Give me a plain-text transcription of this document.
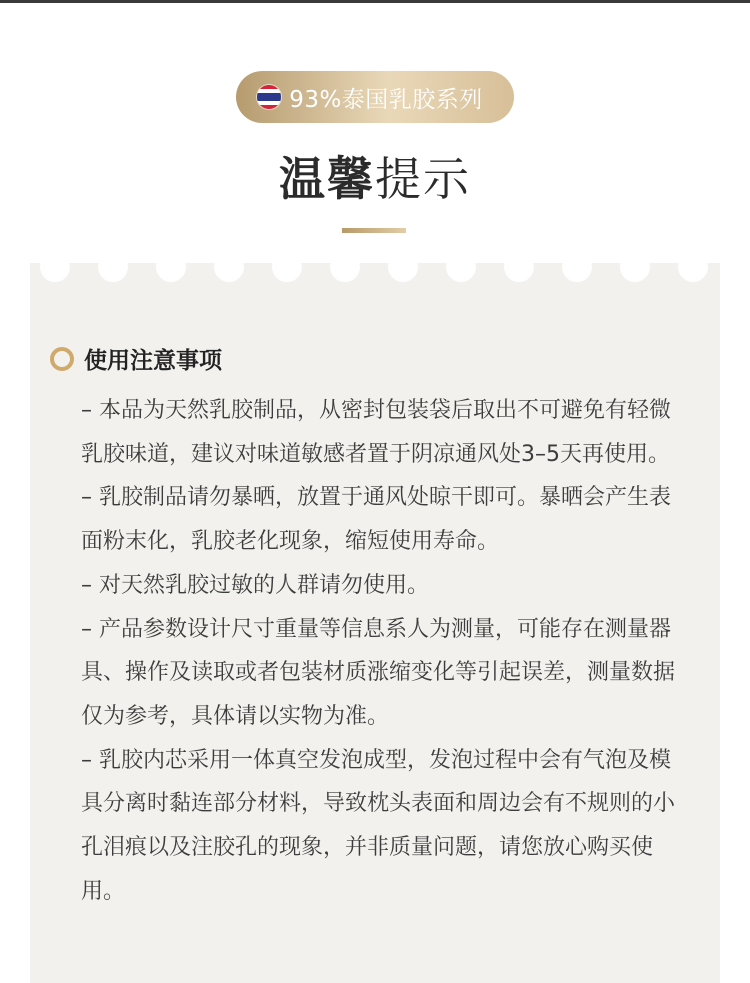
93%泰国乳胶系列
温馨提示
使用注意事项

– 本品为天然乳胶制品，从密封包装袋后取出不可避免有轻微乳胶味道，建议对味道敏感者置于阴凉通风处3–5天再使用。

– 乳胶制品请勿暴晒，放置于通风处晾干即可。暴晒会产生表面粉末化，乳胶老化现象，缩短使用寿命。

– 对天然乳胶过敏的人群请勿使用。

– 产品参数设计尺寸重量等信息系人为测量，可能存在测量器具、操作及读取或者包装材质涨缩变化等引起误差，测量数据仅为参考，具体请以实物为准。

– 乳胶内芯采用一体真空发泡成型，发泡过程中会有气泡及模具分离时黏连部分材料，导致枕头表面和周边会有不规则的小孔泪痕以及注胶孔的现象，并非质量问题，请您放心购买使用。
